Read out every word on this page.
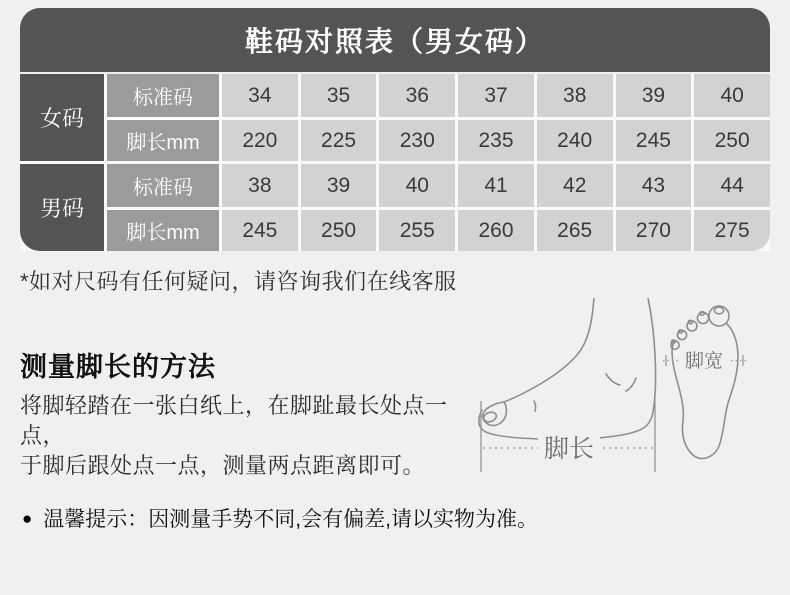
鞋码对照表（男女码）
女码
标准码	34	35	36	37	38	39	40
脚长mm	220	225	230	235	240	245	250
男码
标准码	38	39	40	41	42	43	44
脚长mm	245	250	255	260	265	270	275
*如对尺码有任何疑问，请咨询我们在线客服
测量脚长的方法
将脚轻踏在一张白纸上，在脚趾最长处点一点，
于脚后跟处点一点，测量两点距离即可。
脚长
脚宽
● 温馨提示：因测量手势不同,会有偏差,请以实物为准。
